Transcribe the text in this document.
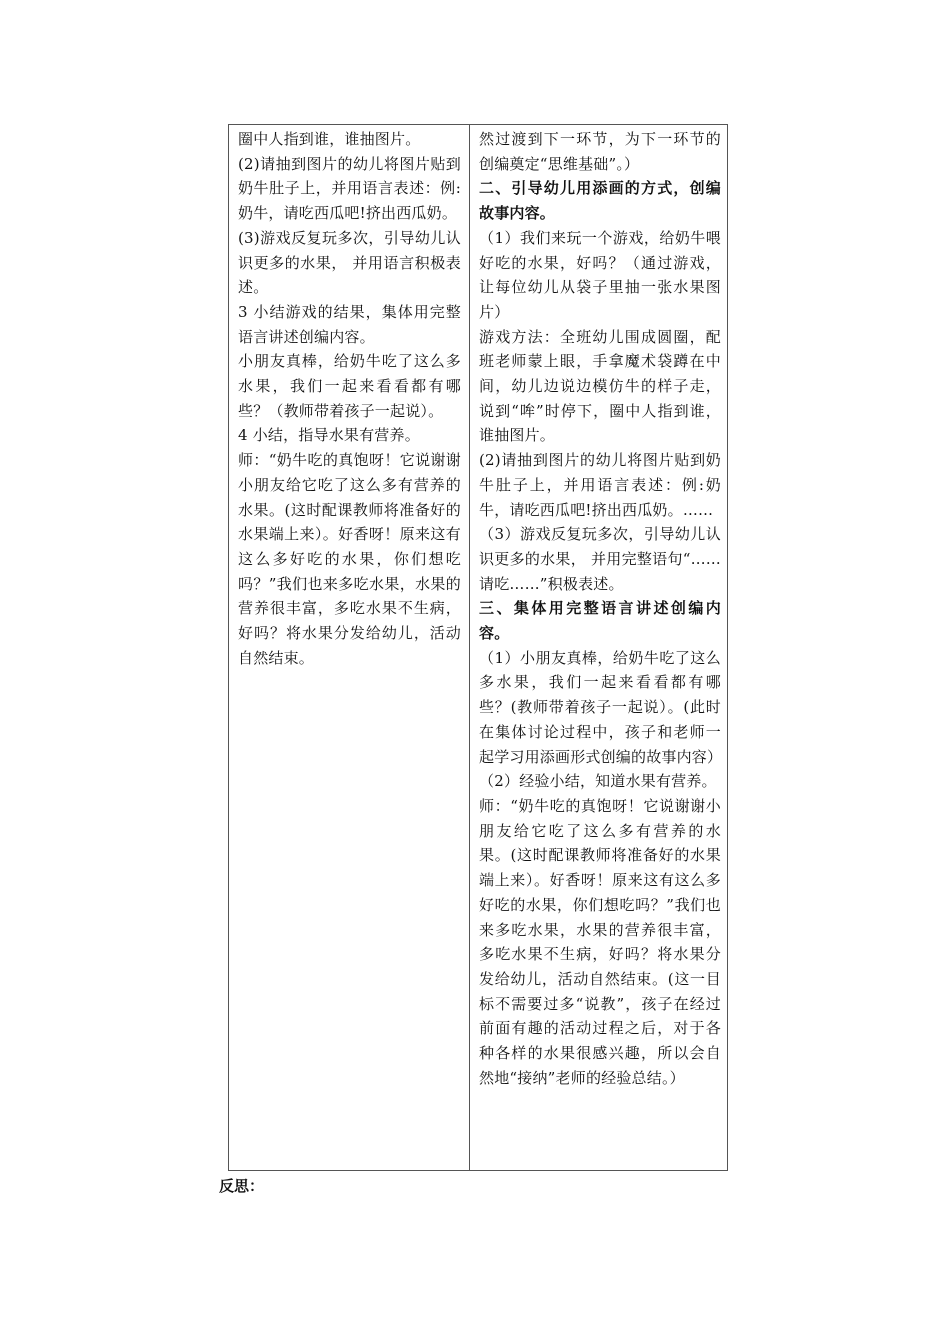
圈中人指到谁，谁抽图片。

(2)请抽到图片的幼儿将图片贴到奶牛肚子上，并用语言表述：例:奶牛，请吃西瓜吧!挤出西瓜奶。

(3)游戏反复玩多次，引导幼儿认识更多的水果， 并用语言积极表述。

3 小结游戏的结果，集体用完整语言讲述创编内容。

小朋友真棒，给奶牛吃了这么多水果，我们一起来看看都有哪些？（教师带着孩子一起说）。

4 小结，指导水果有营养。

师：“奶牛吃的真饱呀！它说谢谢小朋友给它吃了这么多有营养的水果。(这时配课教师将准备好的水果端上来）。好香呀！原来这有这么多好吃的水果，你们想吃吗？”我们也来多吃水果，水果的营养很丰富，多吃水果不生病，好吗？将水果分发给幼儿，活动自然结束。

然过渡到下一环节，为下一环节的创编奠定“思维基础”。）

二、引导幼儿用添画的方式，创编故事内容。

（1）我们来玩一个游戏，给奶牛喂好吃的水果，好吗？（通过游戏，让每位幼儿从袋子里抽一张水果图片）

游戏方法：全班幼儿围成圆圈，配班老师蒙上眼，手拿魔术袋蹲在中间，幼儿边说边模仿牛的样子走，说到“哞”时停下，圈中人指到谁，谁抽图片。

(2)请抽到图片的幼儿将图片贴到奶牛肚子上，并用语言表述：例:奶牛，请吃西瓜吧!挤出西瓜奶。……

（3）游戏反复玩多次，引导幼儿认识更多的水果， 并用完整语句“……请吃……”积极表述。

三、集体用完整语言讲述创编内容。

（1）小朋友真棒，给奶牛吃了这么多水果，我们一起来看看都有哪些？(教师带着孩子一起说）。(此时在集体讨论过程中，孩子和老师一起学习用添画形式创编的故事内容）

（2）经验小结，知道水果有营养。

师：“奶牛吃的真饱呀！它说谢谢小朋友给它吃了这么多有营养的水果。(这时配课教师将准备好的水果端上来）。好香呀！原来这有这么多好吃的水果，你们想吃吗？”我们也来多吃水果，水果的营养很丰富，多吃水果不生病，好吗？将水果分发给幼儿，活动自然结束。(这一目标不需要过多“说教”，孩子在经过前面有趣的活动过程之后，对于各种各样的水果很感兴趣，所以会自然地“接纳”老师的经验总结。）

反思：
